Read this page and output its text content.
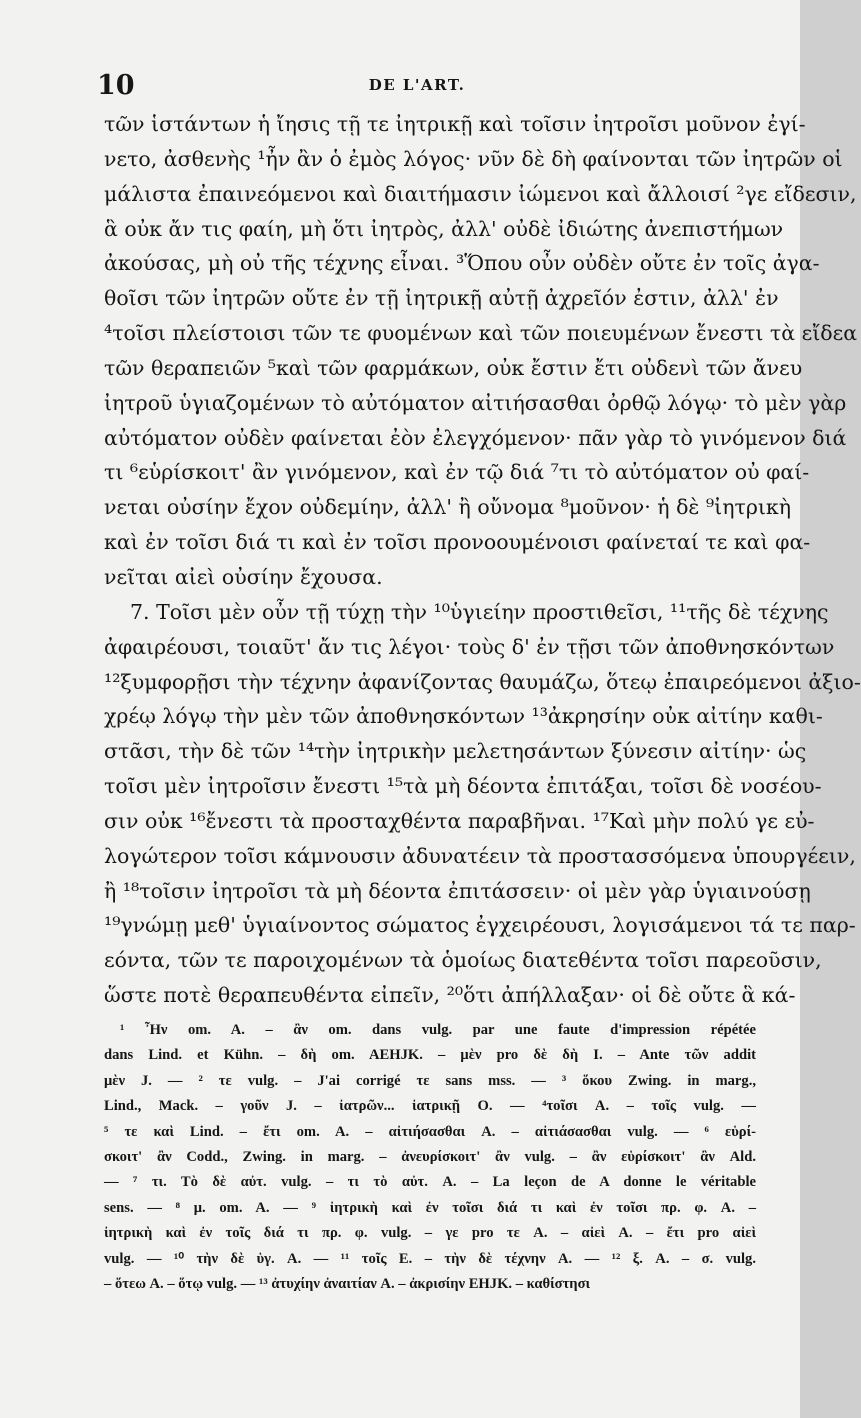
10	DE L'ART.
τῶν ἱστάντων ἡ ἴησις τῇ τε ἰητρικῇ καὶ τοῖσιν ἰητροῖσι μοῦνον ἐγί-
νετο, ἀσθενὴς ¹ἦν ἂν ὁ ἐμὸς λόγος· νῦν δὲ δὴ φαίνονται τῶν ἰητρῶν οἱ
μάλιστα ἐπαινεόμενοι καὶ διαιτήμασιν ἰώμενοι καὶ ἄλλοισί ²γε εἴδεσιν,
ἃ οὐκ ἄν τις φαίη, μὴ ὅτι ἰητρὸς, ἀλλ' οὐδὲ ἰδιώτης ἀνεπιστήμων
ἀκούσας, μὴ οὐ τῆς τέχνης εἶναι. ³Ὅπου οὖν οὐδὲν οὔτε ἐν τοῖς ἀγα-
θοῖσι τῶν ἰητρῶν οὔτε ἐν τῇ ἰητρικῇ αὐτῇ ἀχρεῖόν ἐστιν, ἀλλ' ἐν
⁴τοῖσι πλείστοισι τῶν τε φυομένων καὶ τῶν ποιευμένων ἔνεστι τὰ εἴδεα
τῶν θεραπειῶν ⁵καὶ τῶν φαρμάκων, οὐκ ἔστιν ἔτι οὐδενὶ τῶν ἄνευ
ἰητροῦ ὑγιαζομένων τὸ αὐτόματον αἰτιήσασθαι ὀρθῷ λόγῳ· τὸ μὲν γὰρ
αὐτόματον οὐδὲν φαίνεται ἐὸν ἐλεγχόμενον· πᾶν γὰρ τὸ γινόμενον διά
τι ⁶εὑρίσκοιτ' ἂν γινόμενον, καὶ ἐν τῷ διά ⁷τι τὸ αὐτόματον οὐ φαί-
νεται οὐσίην ἔχον οὐδεμίην, ἀλλ' ἢ οὔνομα ⁸μοῦνον· ἡ δὲ ⁹ἰητρικὴ
καὶ ἐν τοῖσι διά τι καὶ ἐν τοῖσι προνοουμένοισι φαίνεταί τε καὶ φα-
νεῖται αἰεὶ οὐσίην ἔχουσα.
7. Τοῖσι μὲν οὖν τῇ τύχῃ τὴν ¹⁰ὑγιείην προστιθεῖσι, ¹¹τῆς δὲ τέχνης
ἀφαιρέουσι, τοιαῦτ' ἄν τις λέγοι· τοὺς δ' ἐν τῇσι τῶν ἀποθνησκόντων
¹²ξυμφορῇσι τὴν τέχνην ἀφανίζοντας θαυμάζω, ὅτεῳ ἐπαιρεόμενοι ἀξιο-
χρέῳ λόγῳ τὴν μὲν τῶν ἀποθνησκόντων ¹³ἀκρησίην οὐκ αἰτίην καθι-
στᾶσι, τὴν δὲ τῶν ¹⁴τὴν ἰητρικὴν μελετησάντων ξύνεσιν αἰτίην· ὡς
τοῖσι μὲν ἰητροῖσιν ἔνεστι ¹⁵τὰ μὴ δέοντα ἐπιτάξαι, τοῖσι δὲ νοσέου-
σιν οὐκ ¹⁶ἔνεστι τὰ προσταχθέντα παραβῆναι. ¹⁷Καὶ μὴν πολύ γε εὐ-
λογώτερον τοῖσι κάμνουσιν ἀδυνατέειν τὰ προστασσόμενα ὑπουργέειν,
ἢ ¹⁸τοῖσιν ἰητροῖσι τὰ μὴ δέοντα ἐπιτάσσειν· οἱ μὲν γὰρ ὑγιαινούσῃ
¹⁹γνώμῃ μεθ' ὑγιαίνοντος σώματος ἐγχειρέουσι, λογισάμενοι τά τε παρ-
εόντα, τῶν τε παροιχομένων τὰ ὁμοίως διατεθέντα τοῖσι παρεοῦσιν,
ὥστε ποτὲ θεραπευθέντα εἰπεῖν, ²⁰ὅτι ἀπήλλαξαν· οἱ δὲ οὔτε ἃ κά-
¹ Ἦν om. A. – ἂν om. dans vulg. par une faute d'impression répétée
dans Lind. et Kühn. – δὴ om. AEHJK. – μὲν pro δὲ δὴ I. – Ante τῶν addit
μὲν J. — ² τε vulg. – J'ai corrigé τε sans mss. — ³ ὅκου Zwing. in marg.,
Lind., Mack. – γοῦν J. – ἰατρῶν... ἰατρικῇ O. — ⁴τοῖσι A. – τοῖς vulg. —
⁵ τε καὶ Lind. – ἔτι om. A. – αἰτιήσασθαι A. – αἰτιάσασθαι vulg. — ⁶ εὑρί-
σκοιτ' ἂν Codd., Zwing. in marg. – ἀνευρίσκοιτ' ἂν vulg. – ἂν εὑρίσκοιτ' ἂν Ald.
— ⁷ τι. Τὸ δὲ αὐτ. vulg. – τι τὸ αὐτ. A. – La leçon de A donne le véritable
sens. — ⁸ μ. om. A. — ⁹ ἰητρικὴ καὶ ἐν τοῖσι διά τι καὶ ἐν τοῖσι πρ. φ. A. –
ἰητρικὴ καὶ ἐν τοῖς διά τι πρ. φ. vulg. – γε pro τε A. – αἰεὶ A. – ἔτι pro αἰεὶ
vulg. — ¹⁰ τὴν δὲ ὑγ. A. — ¹¹ τοῖς E. – τὴν δὲ τέχνην A. — ¹² ξ. A. – σ. vulg.
– ὅτεω A. – ὅτῳ vulg. — ¹³ ἀτυχίην ἀναιτίαν A. – ἀκρισίην EHJK. – καθίστησι
